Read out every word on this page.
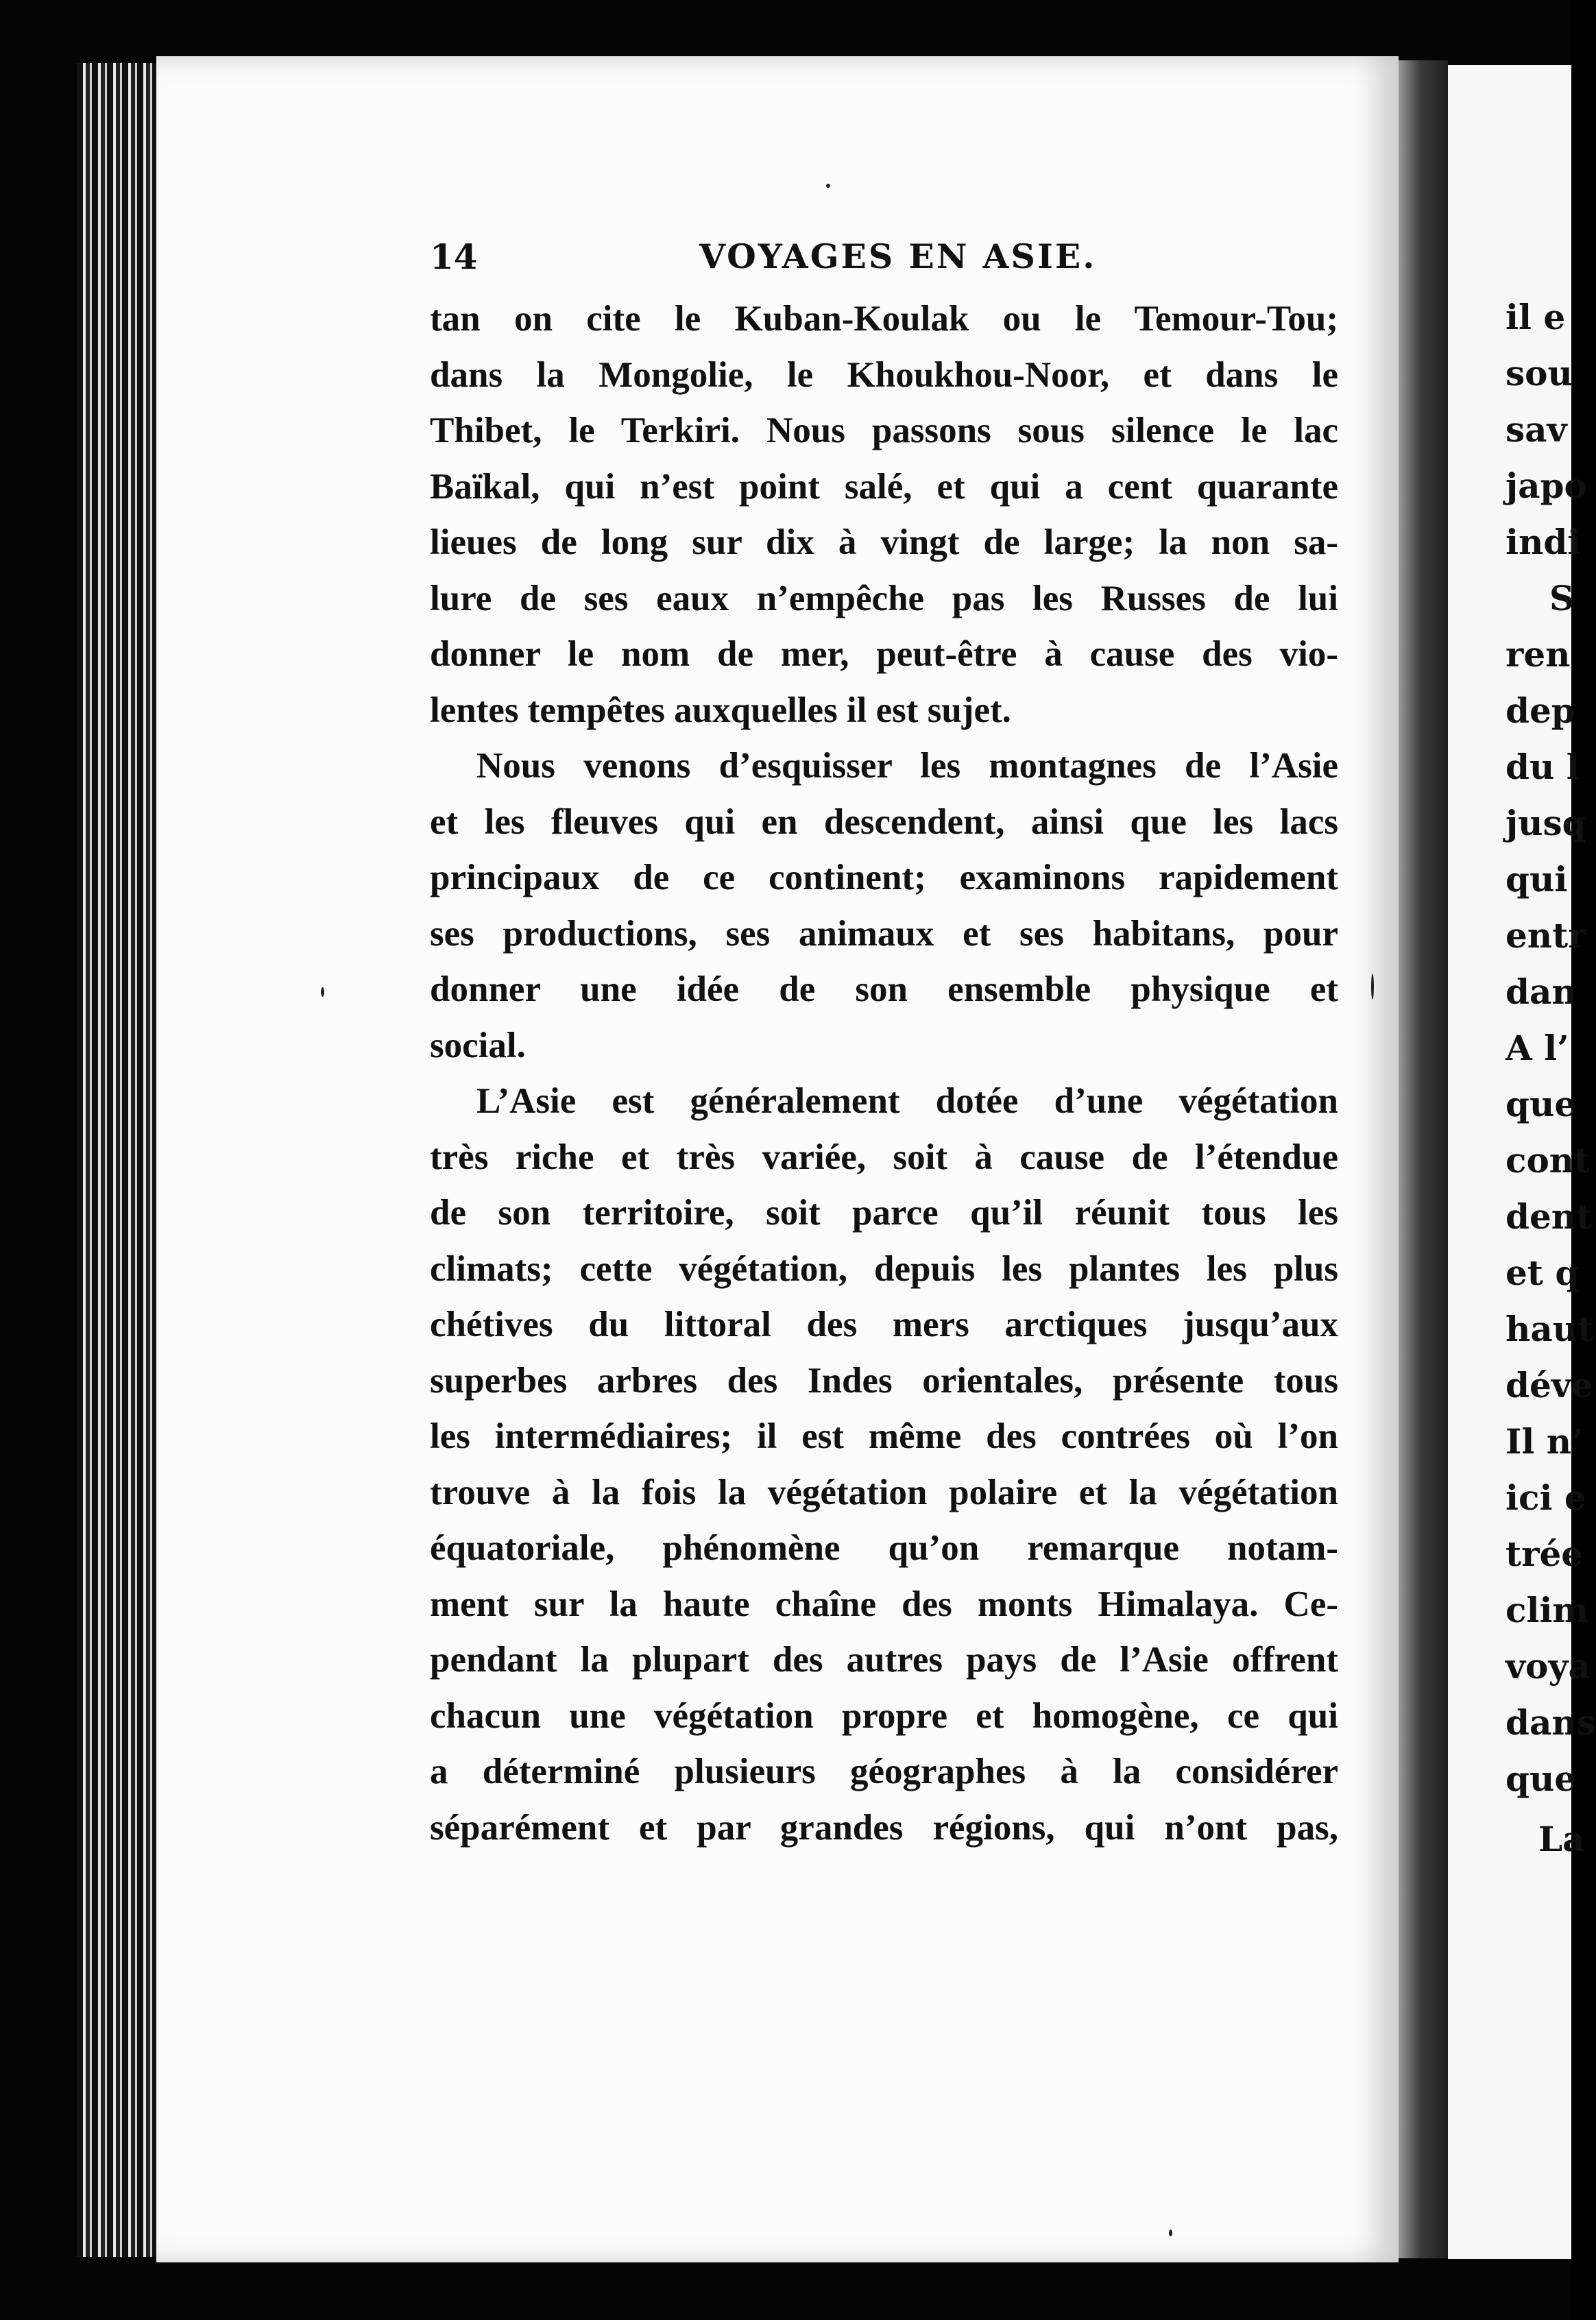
14	VOYAGES EN ASIE.
tan on cite le Kuban-Koulak ou le Temour-Tou;
dans la Mongolie, le Khoukhou-Noor, et dans le
Thibet, le Terkiri. Nous passons sous silence le lac
Baïkal, qui n’est point salé, et qui a cent quarante
lieues de long sur dix à vingt de large; la non sa-
lure de ses eaux n’empêche pas les Russes de lui
donner le nom de mer, peut-être à cause des vio-
lentes tempêtes auxquelles il est sujet.
Nous venons d’esquisser les montagnes de l’Asie
et les fleuves qui en descendent, ainsi que les lacs
principaux de ce continent; examinons rapidement
ses productions, ses animaux et ses habitans, pour
donner une idée de son ensemble physique et
social.
L’Asie est généralement dotée d’une végétation
très riche et très variée, soit à cause de l’étendue
de son territoire, soit parce qu’il réunit tous les
climats; cette végétation, depuis les plantes les plus
chétives du littoral des mers arctiques jusqu’aux
superbes arbres des Indes orientales, présente tous
les intermédiaires; il est même des contrées où l’on
trouve à la fois la végétation polaire et la végétation
équatoriale, phénomène qu’on remarque notam-
ment sur la haute chaîne des monts Himalaya. Ce-
pendant la plupart des autres pays de l’Asie offrent
chacun une végétation propre et homogène, ce qui
a déterminé plusieurs géographes à la considérer
séparément et par grandes régions, qui n’ont pas,
il e
sou
sav
japo
indi
S
ren
dep
du l
jusq
qui
entr
dan
A l’
que
cont
dent
et q
haut
déve
Il n’
ici e
trée
clim
voya
dans
que
La
